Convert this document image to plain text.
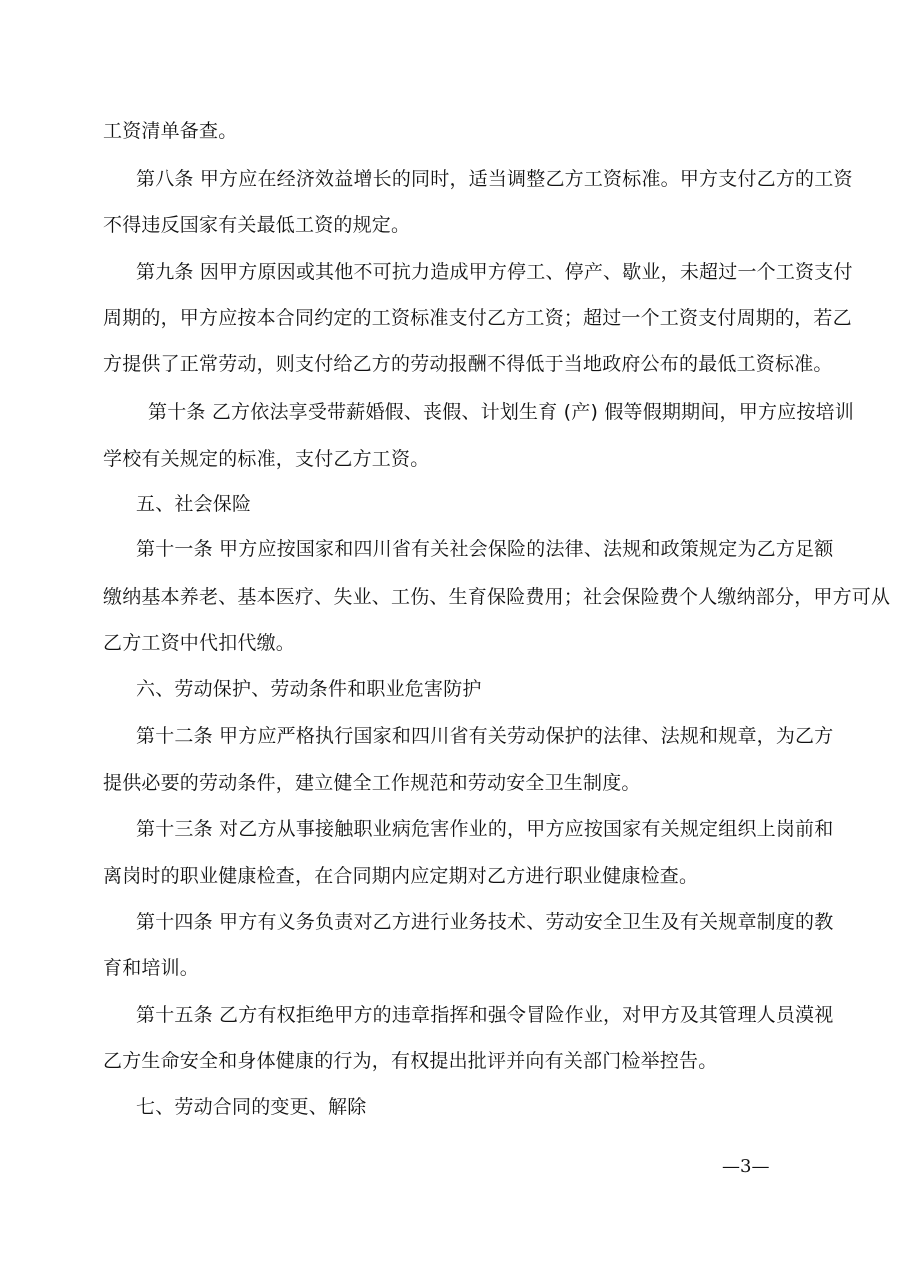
工资清单备查。
第八条 甲方应在经济效益增长的同时，适当调整乙方工资标准。甲方支付乙方的工资
不得违反国家有关最低工资的规定。
第九条 因甲方原因或其他不可抗力造成甲方停工、停产、歇业，未超过一个工资支付
周期的，甲方应按本合同约定的工资标准支付乙方工资；超过一个工资支付周期的，若乙
方提供了正常劳动，则支付给乙方的劳动报酬不得低于当地政府公布的最低工资标准。
第十条 乙方依法享受带薪婚假、丧假、计划生育 (产) 假等假期期间，甲方应按培训
学校有关规定的标准，支付乙方工资。
五、社会保险
第十一条 甲方应按国家和四川省有关社会保险的法律、法规和政策规定为乙方足额
缴纳基本养老、基本医疗、失业、工伤、生育保险费用；社会保险费个人缴纳部分，甲方可从
乙方工资中代扣代缴。
六、劳动保护、劳动条件和职业危害防护
第十二条 甲方应严格执行国家和四川省有关劳动保护的法律、法规和规章，为乙方
提供必要的劳动条件，建立健全工作规范和劳动安全卫生制度。
第十三条 对乙方从事接触职业病危害作业的，甲方应按国家有关规定组织上岗前和
离岗时的职业健康检查，在合同期内应定期对乙方进行职业健康检查。
第十四条 甲方有义务负责对乙方进行业务技术、劳动安全卫生及有关规章制度的教
育和培训。
第十五条 乙方有权拒绝甲方的违章指挥和强令冒险作业，对甲方及其管理人员漠视
乙方生命安全和身体健康的行为，有权提出批评并向有关部门检举控告。
七、劳动合同的变更、解除
—3—
